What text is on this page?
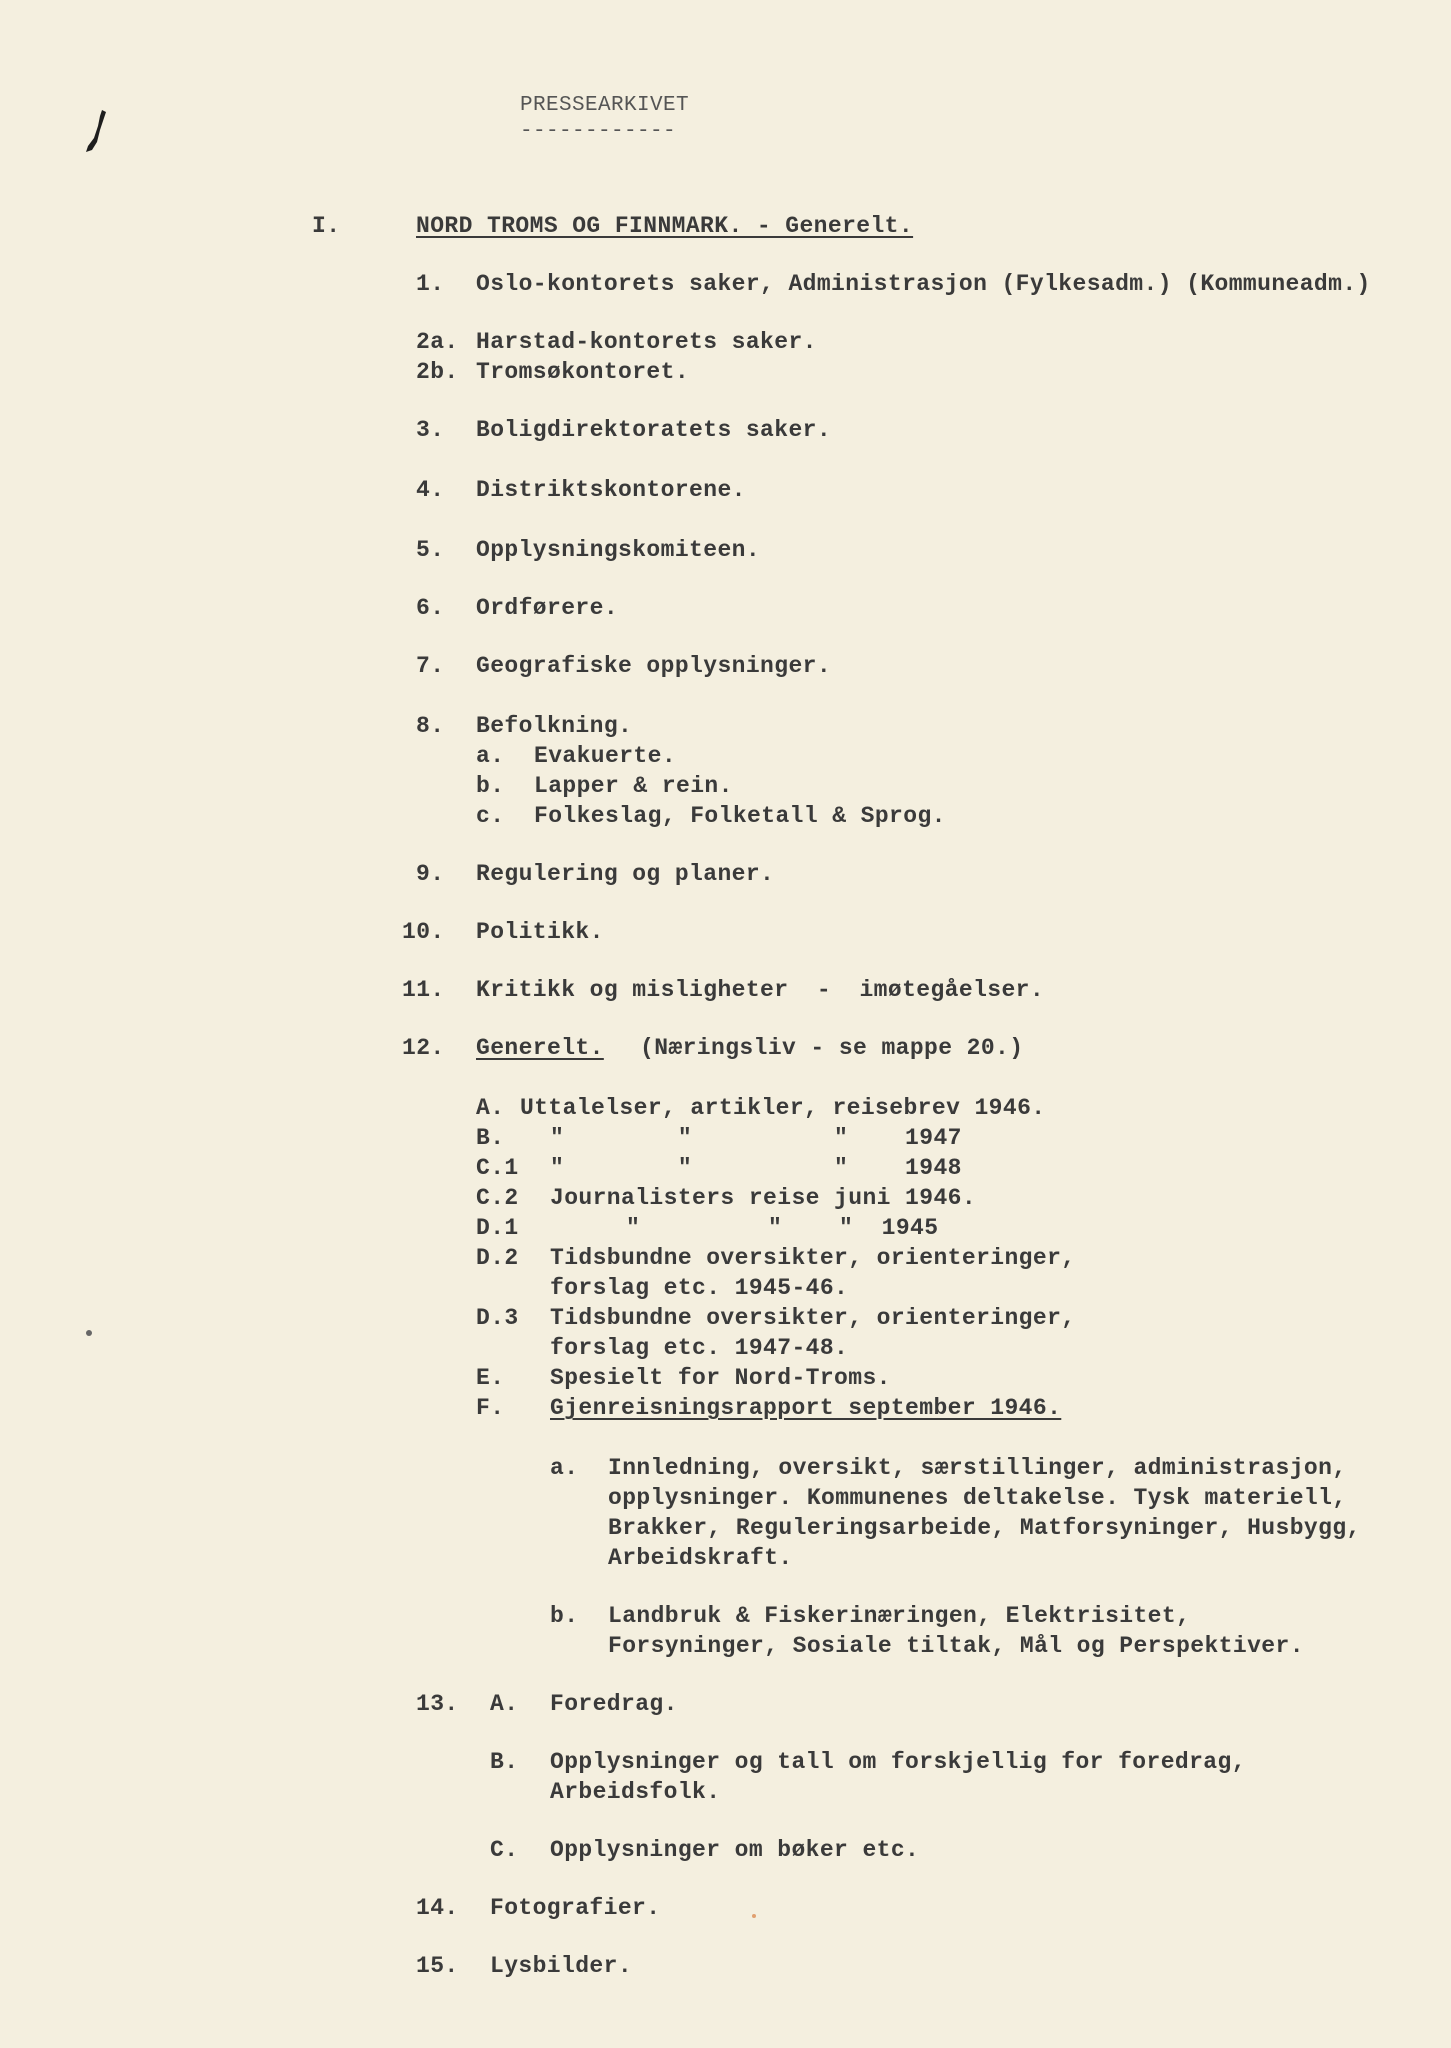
PRESSEARKIVET
------------
I.	NORD TROMS OG FINNMARK. - Generelt.
1. Oslo-kontorets saker, Administrasjon (Fylkesadm.) (Kommuneadm.)
2a. Harstad-kontorets saker.
2b. Tromsøkontoret.
3. Boligdirektoratets saker.
4. Distriktskontorene.
5. Opplysningskomiteen.
6. Ordførere.
7. Geografiske opplysninger.
8. Befolkning.
a. Evakuerte.
b. Lapper & rein.
c. Folkeslag, Folketall & Sprog.
9. Regulering og planer.
10. Politikk.
11. Kritikk og misligheter  -  imøtegåelser.
12. Generelt. (Næringsliv - se mappe 20.)
A. Uttalelser, artikler, reisebrev 1946.
B. "        "          "    1947
C.1 "        "          "    1948
C.2 Journalisters reise juni 1946.
D.1	"         "    "  1945
D.2 Tidsbundne oversikter, orienteringer,
forslag etc. 1945-46.
D.3 Tidsbundne oversikter, orienteringer,
forslag etc. 1947-48.
E. Spesielt for Nord-Troms.
F. Gjenreisningsrapport september 1946.
a. Innledning, oversikt, særstillinger, administrasjon,
opplysninger. Kommunenes deltakelse. Tysk materiell,
Brakker, Reguleringsarbeide, Matforsyninger, Husbygg,
Arbeidskraft.
b. Landbruk & Fiskerinæringen, Elektrisitet,
Forsyninger, Sosiale tiltak, Mål og Perspektiver.
13. A. Foredrag.
B. Opplysninger og tall om forskjellig for foredrag,
Arbeidsfolk.
C. Opplysninger om bøker etc.
14. Fotografier.
15. Lysbilder.
